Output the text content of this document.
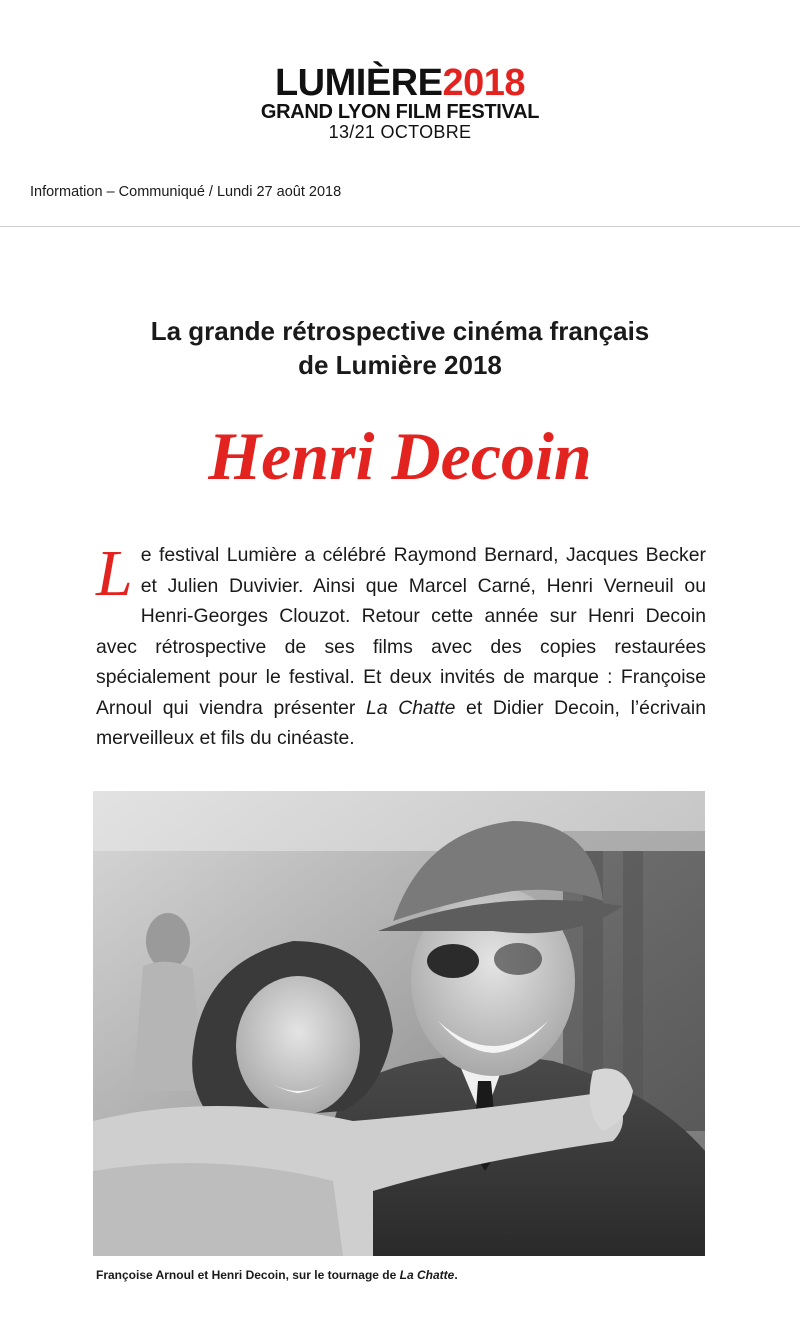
LUMIÈRE2018
GRAND LYON FILM FESTIVAL
13/21 OCTOBRE
Information – Communiqué / Lundi 27 août 2018
La grande rétrospective cinéma français
de Lumière 2018
Henri Decoin
Le festival Lumière a célébré Raymond Bernard, Jacques Becker et Julien Duvivier. Ainsi que Marcel Carné, Henri Verneuil ou Henri-Georges Clouzot. Retour cette année sur Henri Decoin avec rétrospective de ses films avec des copies restaurées spécialement pour le festival. Et deux invités de marque : Françoise Arnoul qui viendra présenter La Chatte et Didier Decoin, l’écrivain merveilleux et fils du cinéaste.
Françoise Arnoul et Henri Decoin, sur le tournage de La Chatte.
